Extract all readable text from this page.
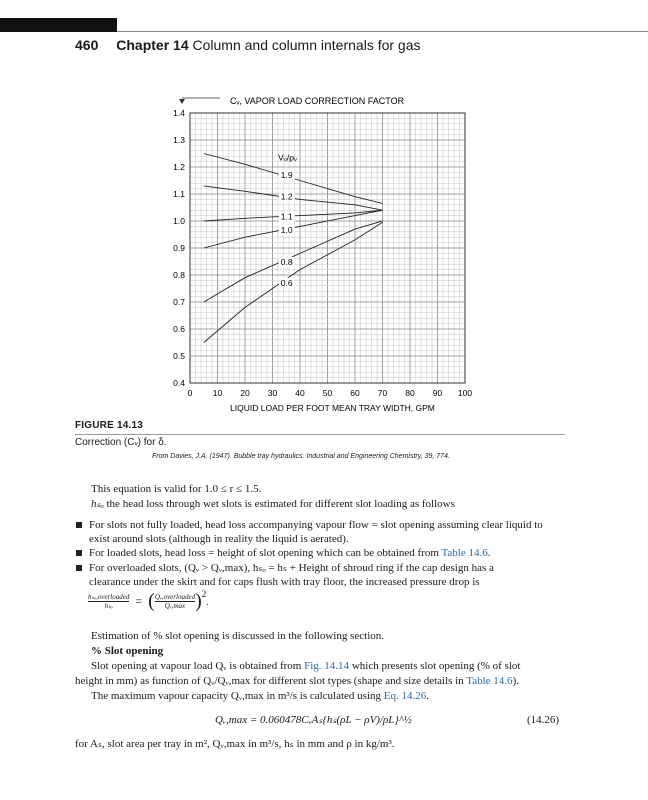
460 Chapter 14 Column and column internals for gas
0 10 20 30 40 50 60 70 80 90 100
0.4
0.5
0.6
0.7
0.8
0.9
1.0
1.1
1.2
1.3
1.4
Cᵥ, VAPOR LOAD CORRECTION FACTOR
LIQUID LOAD PER FOOT MEAN TRAY WIDTH, GPM
Vₒ/ρᵥ
1.9
1.2
1.1
1.0
0.8
0.6
FIGURE 14.13
Correction (Cᵥ) for δ.
From Davies, J.A. (1947). Bubble tray hydraulics. Industrial and Engineering Chemistry, 39, 774.
This equation is valid for 1.0 ≤ r ≤ 1.5.
hₛₒ the head loss through wet slots is estimated for different slot loading as follows
For slots not fully loaded, head loss accompanying vapour flow = slot opening assuming clear liquid to exist around slots (although in reality the liquid is aerated).
For loaded slots, head loss = height of slot opening which can be obtained from Table 14.6.
For overloaded slots, (Qᵥ > Qᵥ,max), hₛₒ = hₛ + Height of shroud ring if the cap design has a
clearance under the skirt and for caps flush with tray floor, the increased pressure drop is
hₛₒ,overloaded
hₛₒ	= ( Qᵥ,overloaded
Qᵥ,max )$^2$
.
Estimation of % slot opening is discussed in the following section.
% Slot opening
Slot opening at vapour load Qᵥ is obtained from Fig. 14.14 which presents slot opening (% of slot
height in mm) as function of Qᵥ/Qᵥ,max for different slot types (shape and size details in Table 14.6).
The maximum vapour capacity Qᵥ,max in m³/s is calculated using Eq. 14.26.
Qᵥ,max = 0.060478CᵥAₛ{hₛ(ρL − ρV)/ρL}^½	(14.26)
for Aₛ, slot area per tray in m², Qᵥ,max in m³/s, hₛ in mm and ρ in kg/m³.
